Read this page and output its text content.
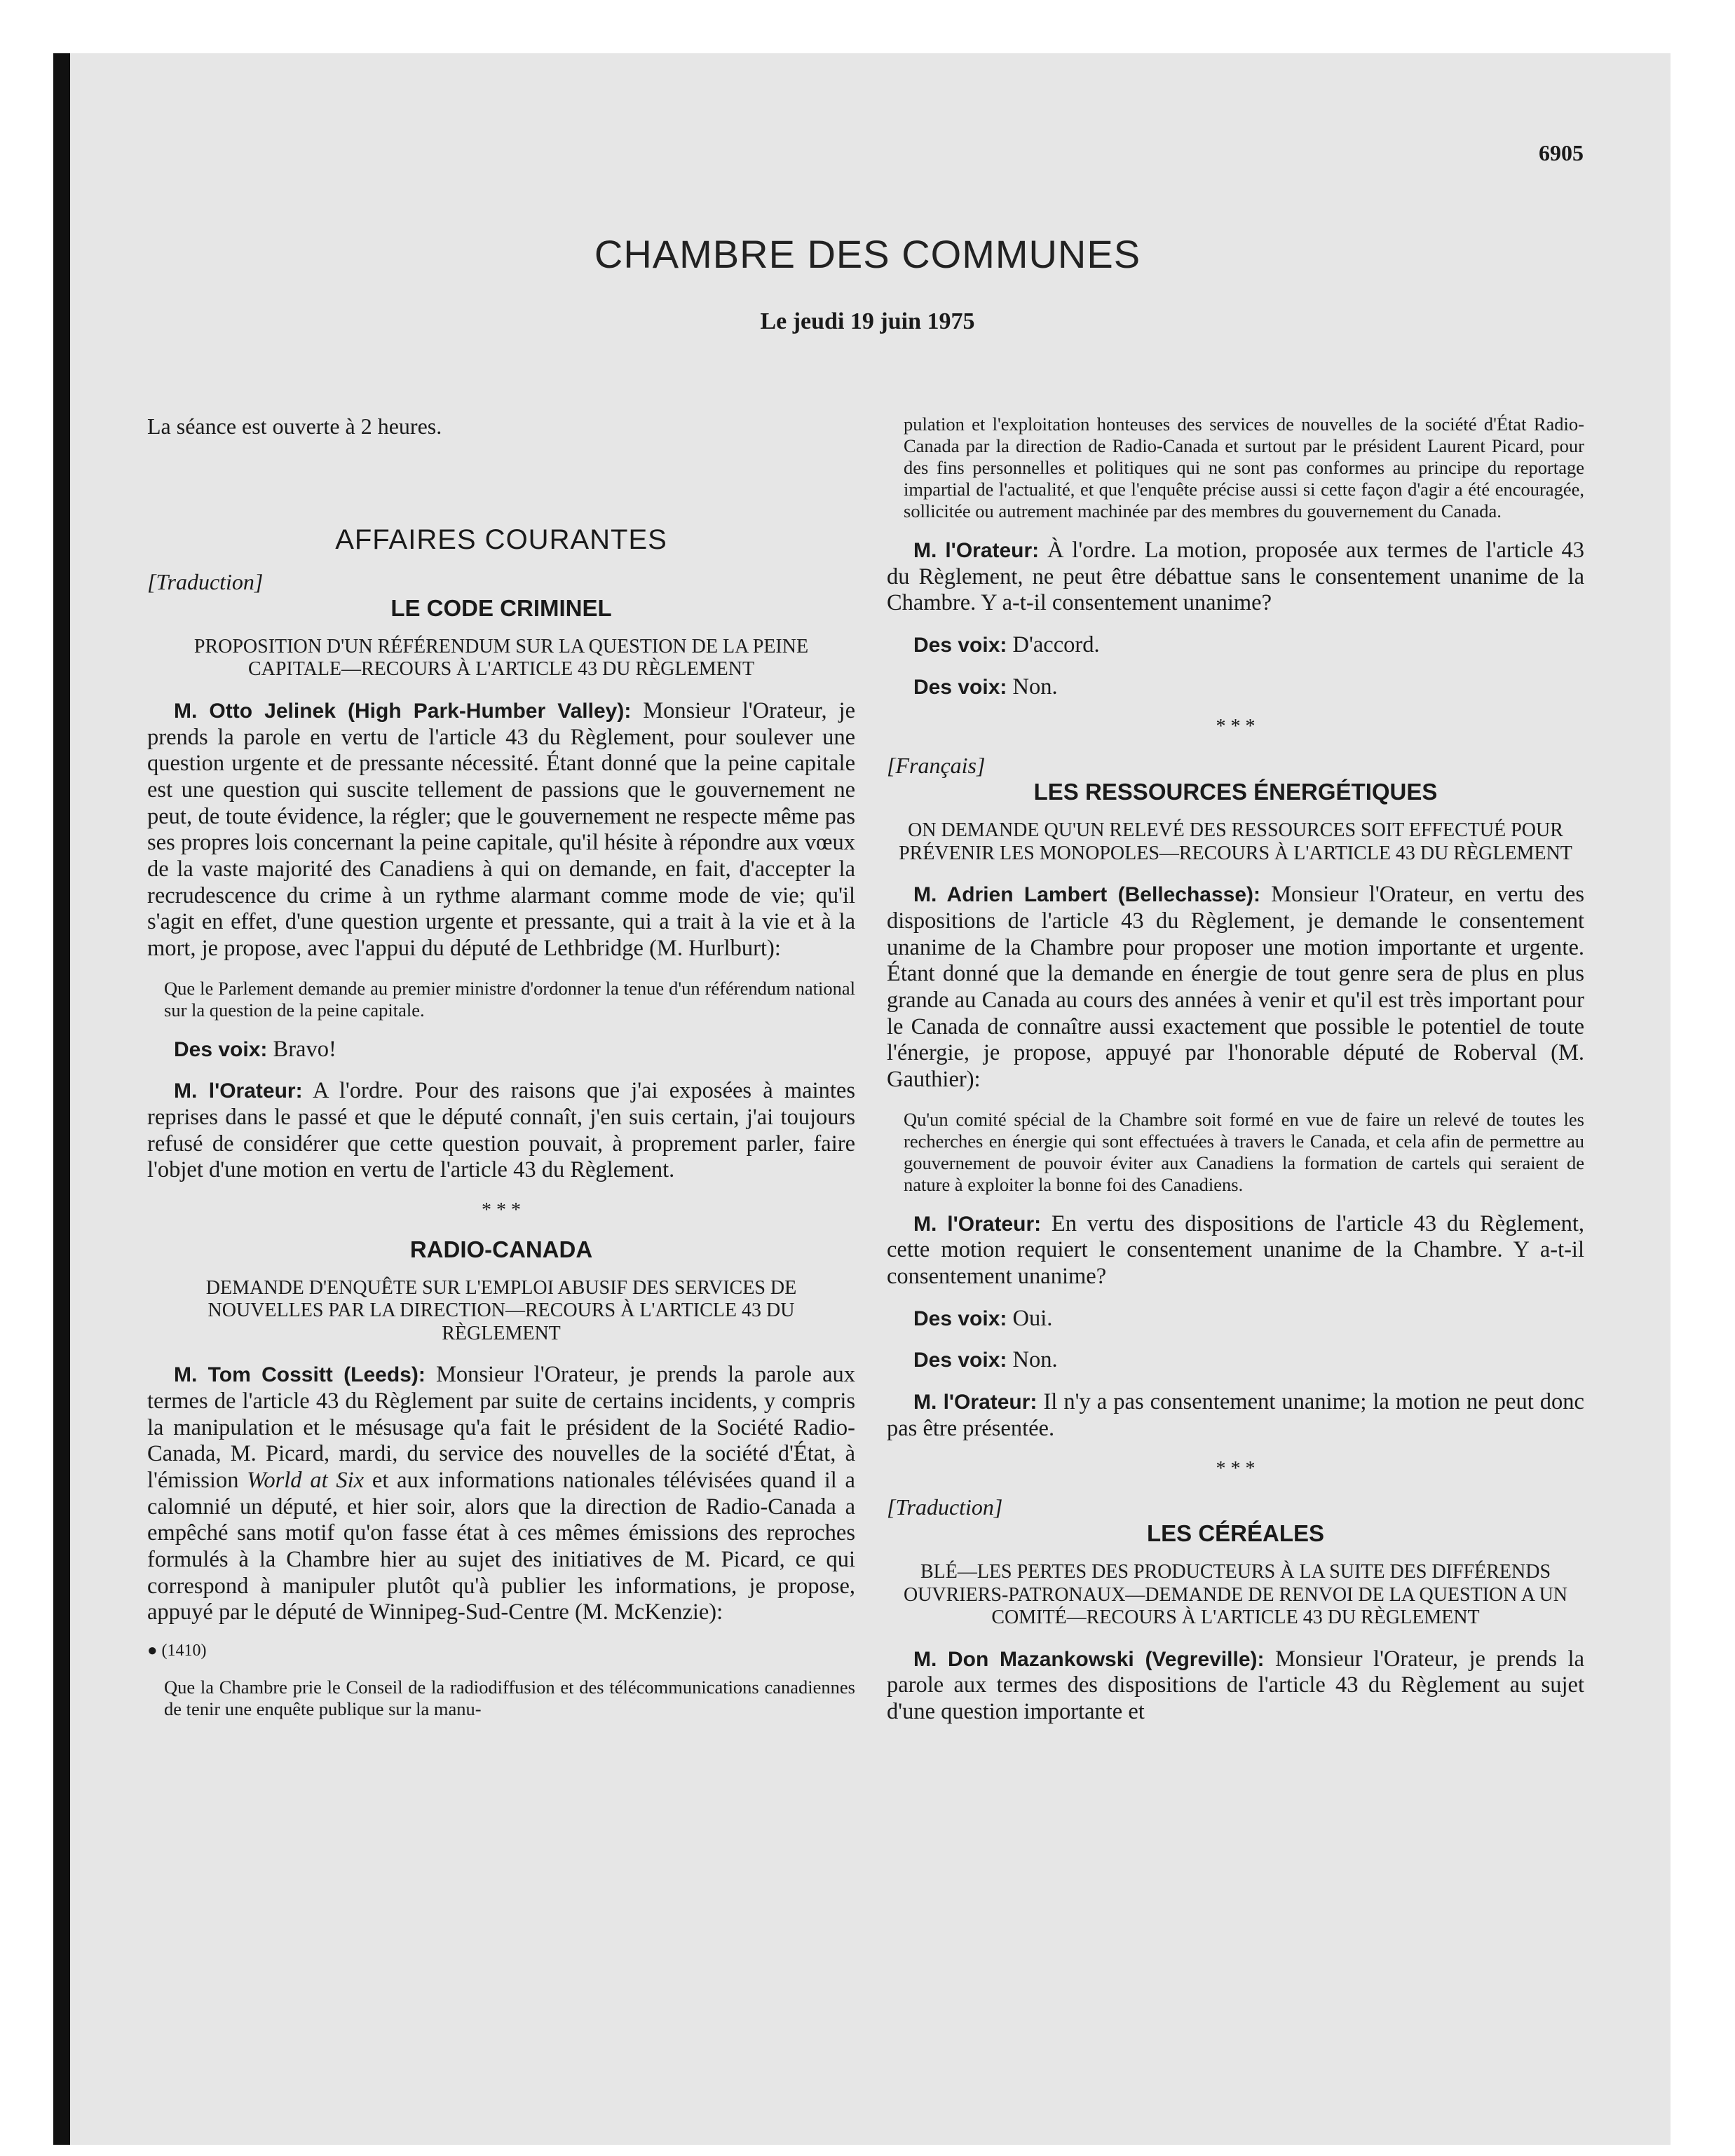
6905
CHAMBRE DES COMMUNES
Le jeudi 19 juin 1975

La séance est ouverte à 2 heures.

AFFAIRES COURANTES

[Traduction]

LE CODE CRIMINEL

PROPOSITION D'UN RÉFÉRENDUM SUR LA QUESTION DE LA PEINE CAPITALE—RECOURS À L'ARTICLE 43 DU RÈGLEMENT

M. Otto Jelinek (High Park-Humber Valley): Monsieur l'Orateur, je prends la parole en vertu de l'article 43 du Règlement, pour soulever une question urgente et de pressante nécessité. Étant donné que la peine capitale est une question qui suscite tellement de passions que le gouvernement ne peut, de toute évidence, la régler; que le gouvernement ne respecte même pas ses propres lois concernant la peine capitale, qu'il hésite à répondre aux vœux de la vaste majorité des Canadiens à qui on demande, en fait, d'accepter la recrudescence du crime à un rythme alarmant comme mode de vie; qu'il s'agit en effet, d'une question urgente et pressante, qui a trait à la vie et à la mort, je propose, avec l'appui du député de Lethbridge (M. Hurlburt):

Que le Parlement demande au premier ministre d'ordonner la tenue d'un référendum national sur la question de la peine capitale.

Des voix: Bravo!

M. l'Orateur: A l'ordre. Pour des raisons que j'ai exposées à maintes reprises dans le passé et que le député connaît, j'en suis certain, j'ai toujours refusé de considérer que cette question pouvait, à proprement parler, faire l'objet d'une motion en vertu de l'article 43 du Règlement.

* * *

RADIO-CANADA

DEMANDE D'ENQUÊTE SUR L'EMPLOI ABUSIF DES SERVICES DE NOUVELLES PAR LA DIRECTION—RECOURS À L'ARTICLE 43 DU RÈGLEMENT

M. Tom Cossitt (Leeds): Monsieur l'Orateur, je prends la parole aux termes de l'article 43 du Règlement par suite de certains incidents, y compris la manipulation et le mésusage qu'a fait le président de la Société Radio-Canada, M. Picard, mardi, du service des nouvelles de la société d'État, à l'émission World at Six et aux informations nationales télévisées quand il a calomnié un député, et hier soir, alors que la direction de Radio-Canada a empêché sans motif qu'on fasse état à ces mêmes émissions des reproches formulés à la Chambre hier au sujet des initiatives de M. Picard, ce qui correspond à manipuler plutôt qu'à publier les informations, je propose, appuyé par le député de Winnipeg-Sud-Centre (M. McKenzie):

● (1410)

Que la Chambre prie le Conseil de la radiodiffusion et des télécommunications canadiennes de tenir une enquête publique sur la manu-

pulation et l'exploitation honteuses des services de nouvelles de la société d'État Radio-Canada par la direction de Radio-Canada et surtout par le président Laurent Picard, pour des fins personnelles et politiques qui ne sont pas conformes au principe du reportage impartial de l'actualité, et que l'enquête précise aussi si cette façon d'agir a été encouragée, sollicitée ou autrement machinée par des membres du gouvernement du Canada.

M. l'Orateur: À l'ordre. La motion, proposée aux termes de l'article 43 du Règlement, ne peut être débattue sans le consentement unanime de la Chambre. Y a-t-il consentement unanime?

Des voix: D'accord.

Des voix: Non.

* * *

[Français]

LES RESSOURCES ÉNERGÉTIQUES

ON DEMANDE QU'UN RELEVÉ DES RESSOURCES SOIT EFFECTUÉ POUR PRÉVENIR LES MONOPOLES—RECOURS À L'ARTICLE 43 DU RÈGLEMENT

M. Adrien Lambert (Bellechasse): Monsieur l'Orateur, en vertu des dispositions de l'article 43 du Règlement, je demande le consentement unanime de la Chambre pour proposer une motion importante et urgente. Étant donné que la demande en énergie de tout genre sera de plus en plus grande au Canada au cours des années à venir et qu'il est très important pour le Canada de connaître aussi exactement que possible le potentiel de toute l'énergie, je propose, appuyé par l'honorable député de Roberval (M. Gauthier):

Qu'un comité spécial de la Chambre soit formé en vue de faire un relevé de toutes les recherches en énergie qui sont effectuées à travers le Canada, et cela afin de permettre au gouvernement de pouvoir éviter aux Canadiens la formation de cartels qui seraient de nature à exploiter la bonne foi des Canadiens.

M. l'Orateur: En vertu des dispositions de l'article 43 du Règlement, cette motion requiert le consentement unanime de la Chambre. Y a-t-il consentement unanime?

Des voix: Oui.

Des voix: Non.

M. l'Orateur: Il n'y a pas consentement unanime; la motion ne peut donc pas être présentée.

* * *

[Traduction]

LES CÉRÉALES

BLÉ—LES PERTES DES PRODUCTEURS À LA SUITE DES DIFFÉRENDS OUVRIERS-PATRONAUX—DEMANDE DE RENVOI DE LA QUESTION A UN COMITÉ—RECOURS À L'ARTICLE 43 DU RÈGLEMENT

M. Don Mazankowski (Vegreville): Monsieur l'Orateur, je prends la parole aux termes des dispositions de l'article 43 du Règlement au sujet d'une question importante et
